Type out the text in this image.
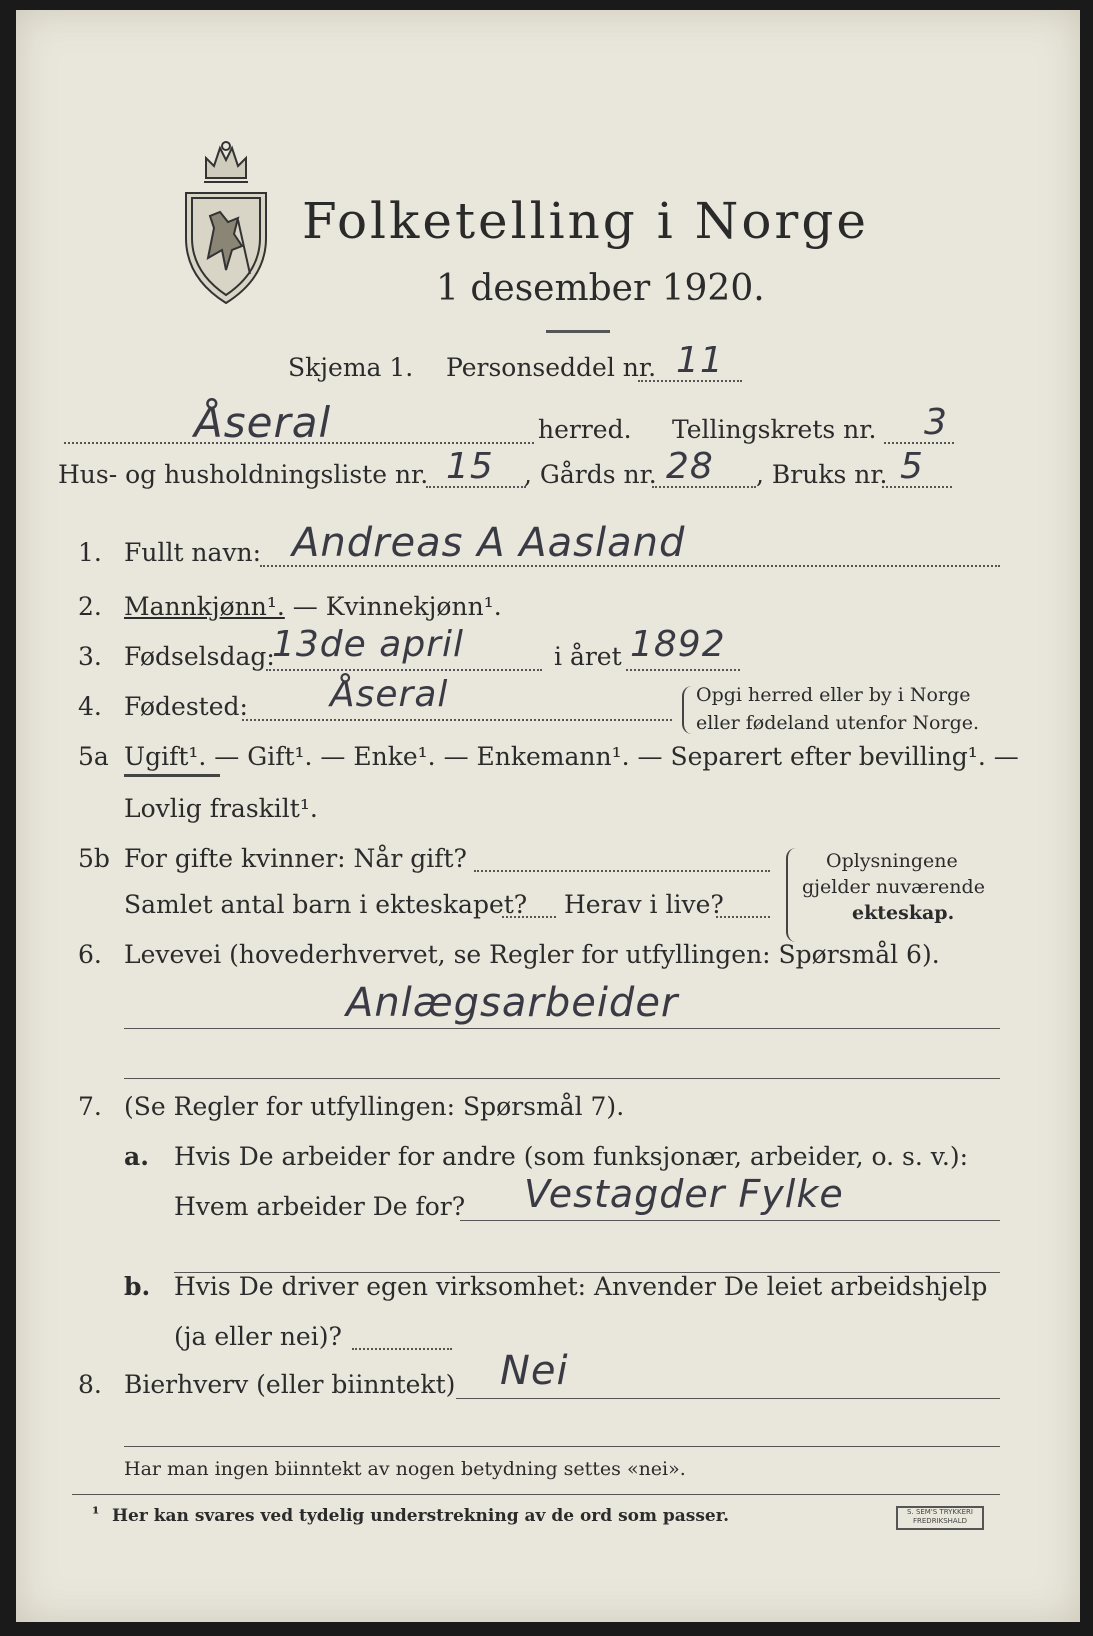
Folketelling i Norge
1 desember 1920.
Skjema 1. Personseddel nr. 11
Åseral	herred. Tellingskrets nr. 3
Hus- og husholdningsliste nr. 15 , Gårds nr. 28 , Bruks nr. 5
1. Fullt navn: Andreas A Aasland
2. Mannkjønn¹. — Kvinnekjønn¹.
3. Fødselsdag:
13de april	i året 1892
4. Fødested: Åseral	Opgi herred eller by i Norge
eller fødeland utenfor Norge.
5a Ugift¹. — Gift¹. — Enke¹. — Enkemann¹. — Separert efter bevilling¹. —
Lovlig fraskilt¹.
5b For gifte kvinner: Når gift?
Samlet antal barn i ekteskapet? Herav i live?
Oplysningene
gjelder nuværende
ekteskap.
6. Levevei (hovederhvervet, se Regler for utfyllingen: Spørsmål 6).
Anlægsarbeider
7. (Se Regler for utfyllingen: Spørsmål 7).
a. Hvis De arbeider for andre (som funksjonær, arbeider, o. s. v.):
Hvem arbeider De for? Vestagder Fylke
b. Hvis De driver egen virksomhet: Anvender De leiet arbeidshjelp
(ja eller nei)?
8. Bierhverv (eller biinntekt) Nei
Har man ingen biinntekt av nogen betydning settes «nei».
¹ Her kan svares ved tydelig understrekning av de ord som passer.	S. SEM'S TRYKKERI
FREDRIKSHALD
